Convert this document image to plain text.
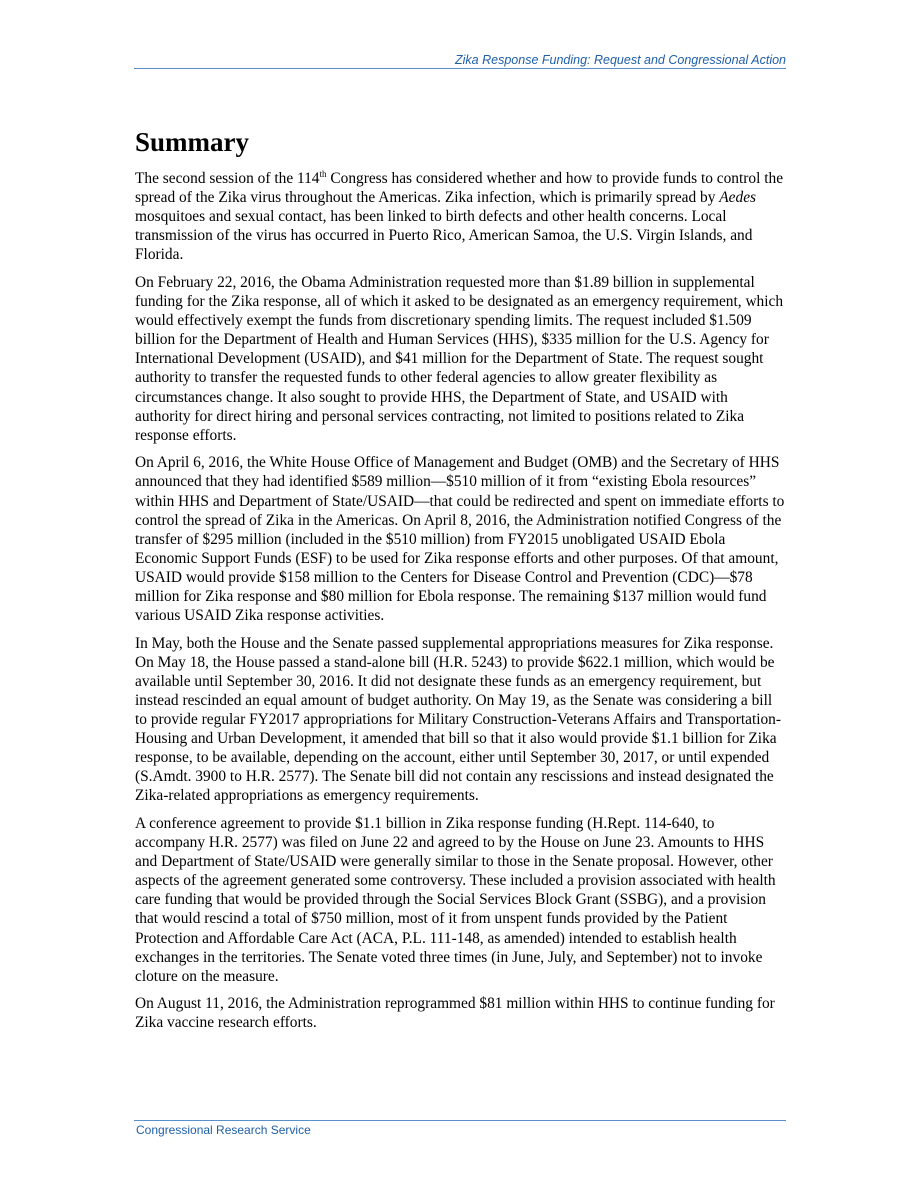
Zika Response Funding: Request and Congressional Action
Summary

The second session of the 114th Congress has considered whether and how to provide funds to control the spread of the Zika virus throughout the Americas. Zika infection, which is primarily spread by Aedes mosquitoes and sexual contact, has been linked to birth defects and other health concerns. Local transmission of the virus has occurred in Puerto Rico, American Samoa, the U.S. Virgin Islands, and Florida.

On February 22, 2016, the Obama Administration requested more than $1.89 billion in supplemental funding for the Zika response, all of which it asked to be designated as an emergency requirement, which would effectively exempt the funds from discretionary spending limits. The request included $1.509 billion for the Department of Health and Human Services (HHS), $335 million for the U.S. Agency for International Development (USAID), and $41 million for the Department of State. The request sought authority to transfer the requested funds to other federal agencies to allow greater flexibility as circumstances change. It also sought to provide HHS, the Department of State, and USAID with authority for direct hiring and personal services contracting, not limited to positions related to Zika response efforts.

On April 6, 2016, the White House Office of Management and Budget (OMB) and the Secretary of HHS announced that they had identified $589 million—$510 million of it from “existing Ebola resources” within HHS and Department of State/USAID—that could be redirected and spent on immediate efforts to control the spread of Zika in the Americas. On April 8, 2016, the Administration notified Congress of the transfer of $295 million (included in the $510 million) from FY2015 unobligated USAID Ebola Economic Support Funds (ESF) to be used for Zika response efforts and other purposes. Of that amount, USAID would provide $158 million to the Centers for Disease Control and Prevention (CDC)—$78 million for Zika response and $80 million for Ebola response. The remaining $137 million would fund various USAID Zika response activities.

In May, both the House and the Senate passed supplemental appropriations measures for Zika response. On May 18, the House passed a stand-alone bill (H.R. 5243) to provide $622.1 million, which would be available until September 30, 2016. It did not designate these funds as an emergency requirement, but instead rescinded an equal amount of budget authority. On May 19, as the Senate was considering a bill to provide regular FY2017 appropriations for Military Construction-Veterans Affairs and Transportation-Housing and Urban Development, it amended that bill so that it also would provide $1.1 billion for Zika response, to be available, depending on the account, either until September 30, 2017, or until expended (S.Amdt. 3900 to H.R. 2577). The Senate bill did not contain any rescissions and instead designated the Zika-related appropriations as emergency requirements.

A conference agreement to provide $1.1 billion in Zika response funding (H.Rept. 114-640, to accompany H.R. 2577) was filed on June 22 and agreed to by the House on June 23. Amounts to HHS and Department of State/USAID were generally similar to those in the Senate proposal. However, other aspects of the agreement generated some controversy. These included a provision associated with health care funding that would be provided through the Social Services Block Grant (SSBG), and a provision that would rescind a total of $750 million, most of it from unspent funds provided by the Patient Protection and Affordable Care Act (ACA, P.L. 111-148, as amended) intended to establish health exchanges in the territories. The Senate voted three times (in June, July, and September) not to invoke cloture on the measure.

On August 11, 2016, the Administration reprogrammed $81 million within HHS to continue funding for Zika vaccine research efforts.

Congressional Research Service
